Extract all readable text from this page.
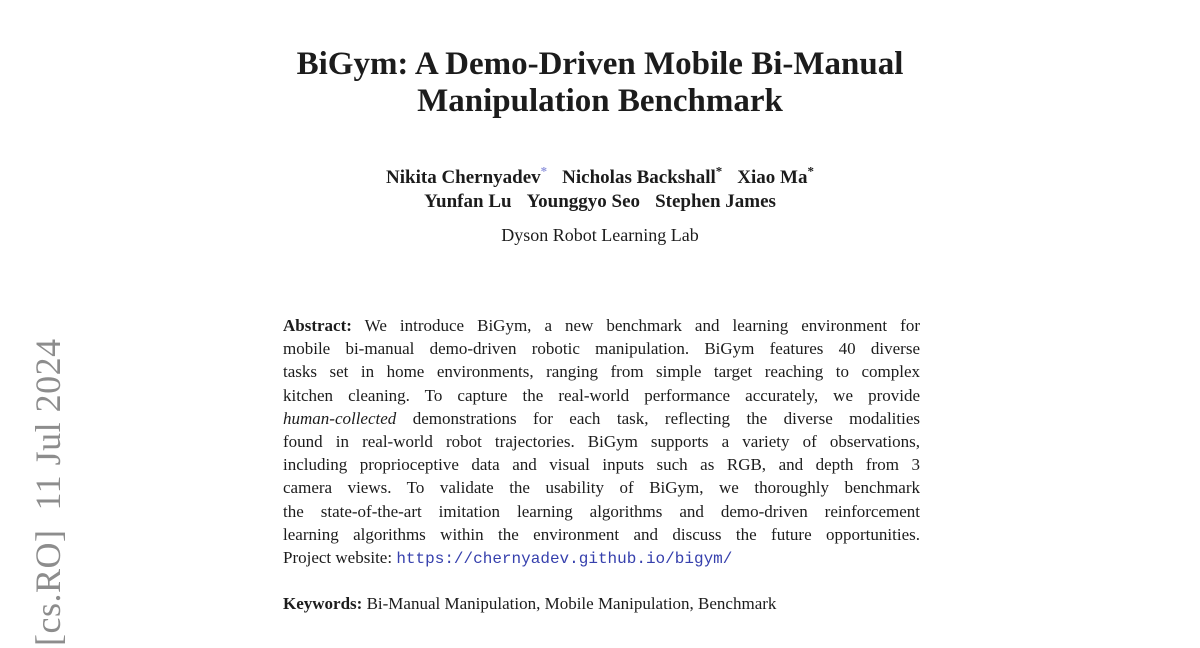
[cs.RO]  11 Jul 2024
BiGym: A Demo-Driven Mobile Bi-Manual
Manipulation Benchmark
Nikita Chernyadev* Nicholas Backshall* Xiao Ma*
Yunfan Lu Younggyo Seo Stephen James
Dyson Robot Learning Lab
Abstract: We introduce BiGym, a new benchmark and learning environment for
mobile bi-manual demo-driven robotic manipulation. BiGym features 40 diverse
tasks set in home environments, ranging from simple target reaching to complex
kitchen cleaning. To capture the real-world performance accurately, we provide
human-collected demonstrations for each task, reflecting the diverse modalities
found in real-world robot trajectories. BiGym supports a variety of observations,
including proprioceptive data and visual inputs such as RGB, and depth from 3
camera views. To validate the usability of BiGym, we thoroughly benchmark
the state-of-the-art imitation learning algorithms and demo-driven reinforcement
learning algorithms within the environment and discuss the future opportunities.
Project website: https://chernyadev.github.io/bigym/
Keywords: Bi-Manual Manipulation, Mobile Manipulation, Benchmark
